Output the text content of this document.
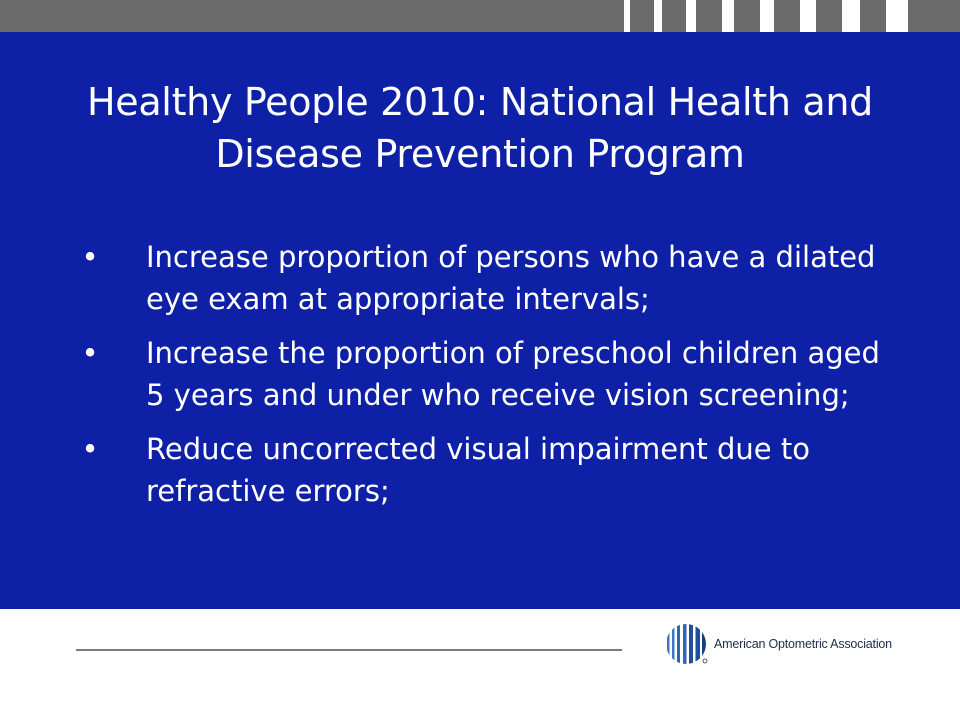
Healthy People 2010: National Health and Disease Prevention Program
• Increase proportion of persons who have a dilated eye exam at appropriate intervals;
• Increase the proportion of preschool children aged 5 years and under who receive vision screening;
• Reduce uncorrected visual impairment due to refractive errors;
American Optometric Association
